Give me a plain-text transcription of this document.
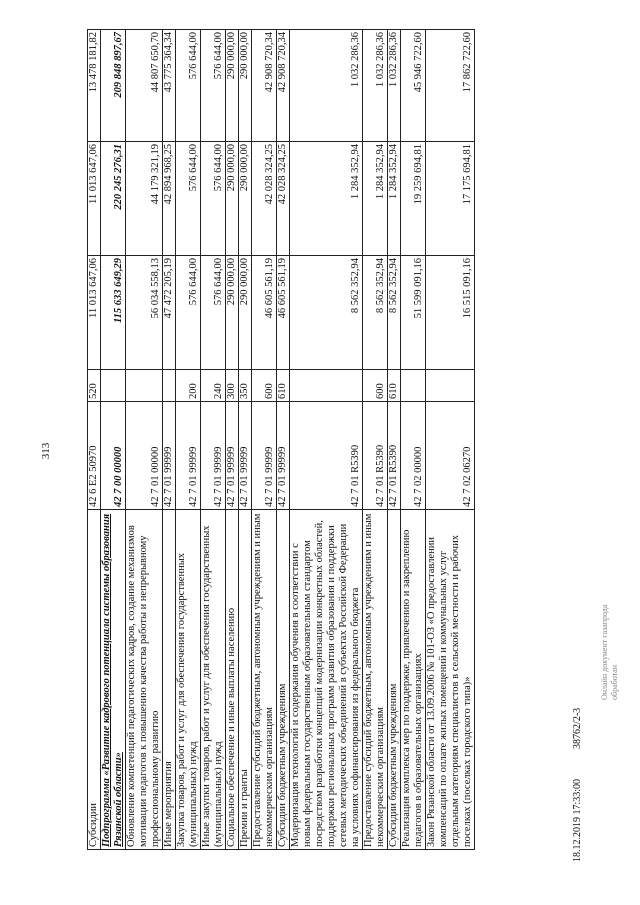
313
Субсидии	42 6 E2 50970	520	11 013 647,06	11 013 647,06	13 478 181,82
Подпрограмма «Развитие кадрового потенциала системы образования Рязанской области»	42 7 00 00000		115 633 649,29	220 245 276,31	209 848 897,67
Обновление компетенций педагогических кадров, создание механизмов мотивации педагогов к повышению качества работы и непрерывному профессиональному развитию	42 7 01 00000		56 034 558,13	44 179 321,19	44 807 650,70
Иные мероприятия	42 7 01 99999		47 472 205,19	42 894 968,25	43 775 364,34
Закупка товаров, работ и услуг для обеспечения государственных (муниципальных) нужд	42 7 01 99999	200	576 644,00	576 644,00	576 644,00
Иные закупки товаров, работ и услуг для обеспечения государственных (муниципальных) нужд	42 7 01 99999	240	576 644,00	576 644,00	576 644,00
Социальное обеспечение и иные выплаты населению	42 7 01 99999	300	290 000,00	290 000,00	290 000,00
Премии и гранты	42 7 01 99999	350	290 000,00	290 000,00	290 000,00
Предоставление субсидий бюджетным, автономным учреждениям и иным некоммерческим организациям	42 7 01 99999	600	46 605 561,19	42 028 324,25	42 908 720,34
Субсидии бюджетным учреждениям	42 7 01 99999	610	46 605 561,19	42 028 324,25	42 908 720,34
Модернизация технологий и содержания обучения в соответствии с новым федеральным государственным образовательным стандартом посредством разработки концепций модернизации конкретных областей, поддержки региональных программ развития образования и поддержки сетевых методических объединений в субъектах Российской Федерации на условиях софинансирования из федерального бюджета	42 7 01 R5390		8 562 352,94	1 284 352,94	1 032 286,36
Предоставление субсидий бюджетным, автономным учреждениям и иным некоммерческим организациям	42 7 01 R5390	600	8 562 352,94	1 284 352,94	1 032 286,36
Субсидии бюджетным учреждениям	42 7 01 R5390	610	8 562 352,94	1 284 352,94	1 032 286,36
Реализация комплекса мер по поддержке, привлечению и закреплению педагогов в образовательных организациях	42 7 02 00000		51 599 091,16	19 259 694,81	45 946 722,60
Закон Рязанской области от 13.09.2006 № 101-ОЗ «О предоставлении компенсаций по оплате жилых помещений и коммунальных услуг отдельным категориям специалистов в сельской местности и рабочих поселках (поселках городского типа)»	42 7 02 06270		16 515 091,16	17 175 694,81	17 862 722,60
Онлайн документ газапрода обработан
18.12.2019 17:33:0038762/2-3
